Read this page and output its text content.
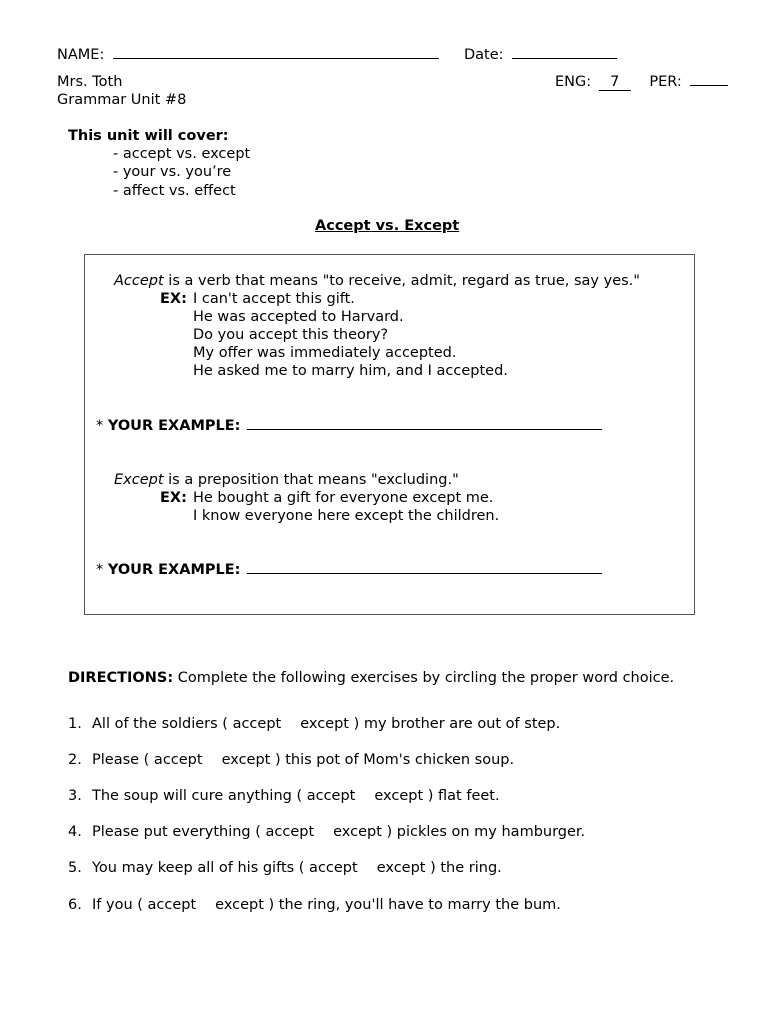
NAME:	Date:
Mrs. Toth
Grammar Unit #8
ENG: 7 PER:
This unit will cover:
- accept vs. except
- your vs. you’re
- affect vs. effect
Accept vs. Except
Accept is a verb that means "to receive, admit, regard as true, say yes."
EX: I can't accept this gift.
He was accepted to Harvard.
Do you accept this theory?
My offer was immediately accepted.
He asked me to marry him, and I accepted.
* YOUR EXAMPLE:
Except is a preposition that means "excluding."
EX: He bought a gift for everyone except me.
I know everyone here except the children.
* YOUR EXAMPLE:
DIRECTIONS: Complete the following exercises by circling the proper word choice.
1. All of the soldiers ( accept except ) my brother are out of step.
2. Please ( accept except ) this pot of Mom's chicken soup.
3. The soup will cure anything ( accept except ) flat feet.
4. Please put everything ( accept except ) pickles on my hamburger.
5. You may keep all of his gifts ( accept except ) the ring.
6. If you ( accept except ) the ring, you'll have to marry the bum.
